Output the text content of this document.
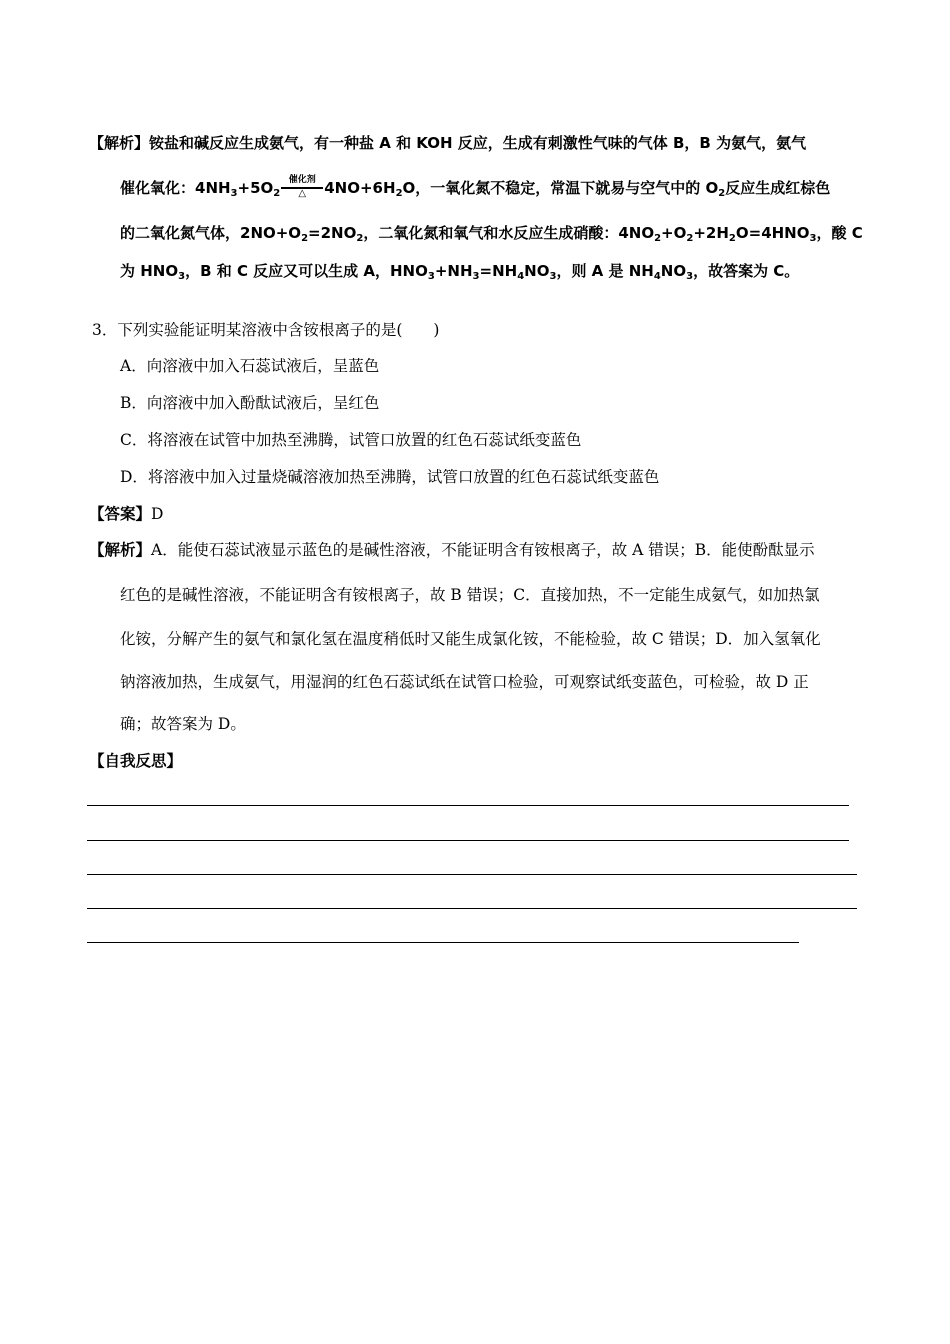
【解析】铵盐和碱反应生成氨气，有一种盐 A 和 KOH 反应，生成有刺激性气味的气体 B，B 为氨气，氨气
催化氧化：$4NH_3+5O_2$
催化剂
△	$4NO+6H_2O$，一氧化氮不稳定，常温下就易与空气中的 $O_2$反应生成红棕色
的二氧化氮气体，$2NO+O_2=2NO_2$，二氧化氮和氧气和水反应生成硝酸：$4NO_2+O_2+2H_2O=4HNO_3$，酸 C
为 $HNO_3$，B 和 C 反应又可以生成 A，$HNO_3+NH_3=NH_4NO_3$，则 A 是 $NH_4NO_3$，故答案为 C。
3．下列实验能证明某溶液中含铵根离子的是(　　)
A．向溶液中加入石蕊试液后，呈蓝色
B．向溶液中加入酚酞试液后，呈红色
C．将溶液在试管中加热至沸腾，试管口放置的红色石蕊试纸变蓝色
D．将溶液中加入过量烧碱溶液加热至沸腾，试管口放置的红色石蕊试纸变蓝色
【答案】D
【解析】A．能使石蕊试液显示蓝色的是碱性溶液，不能证明含有铵根离子，故 A 错误；B．能使酚酞显示
红色的是碱性溶液，不能证明含有铵根离子，故 B 错误；C．直接加热，不一定能生成氨气，如加热氯
化铵，分解产生的氨气和氯化氢在温度稍低时又能生成氯化铵，不能检验，故 C 错误；D．加入氢氧化
钠溶液加热，生成氨气，用湿润的红色石蕊试纸在试管口检验，可观察试纸变蓝色，可检验，故 D 正
确；故答案为 D。
【自我反思】
